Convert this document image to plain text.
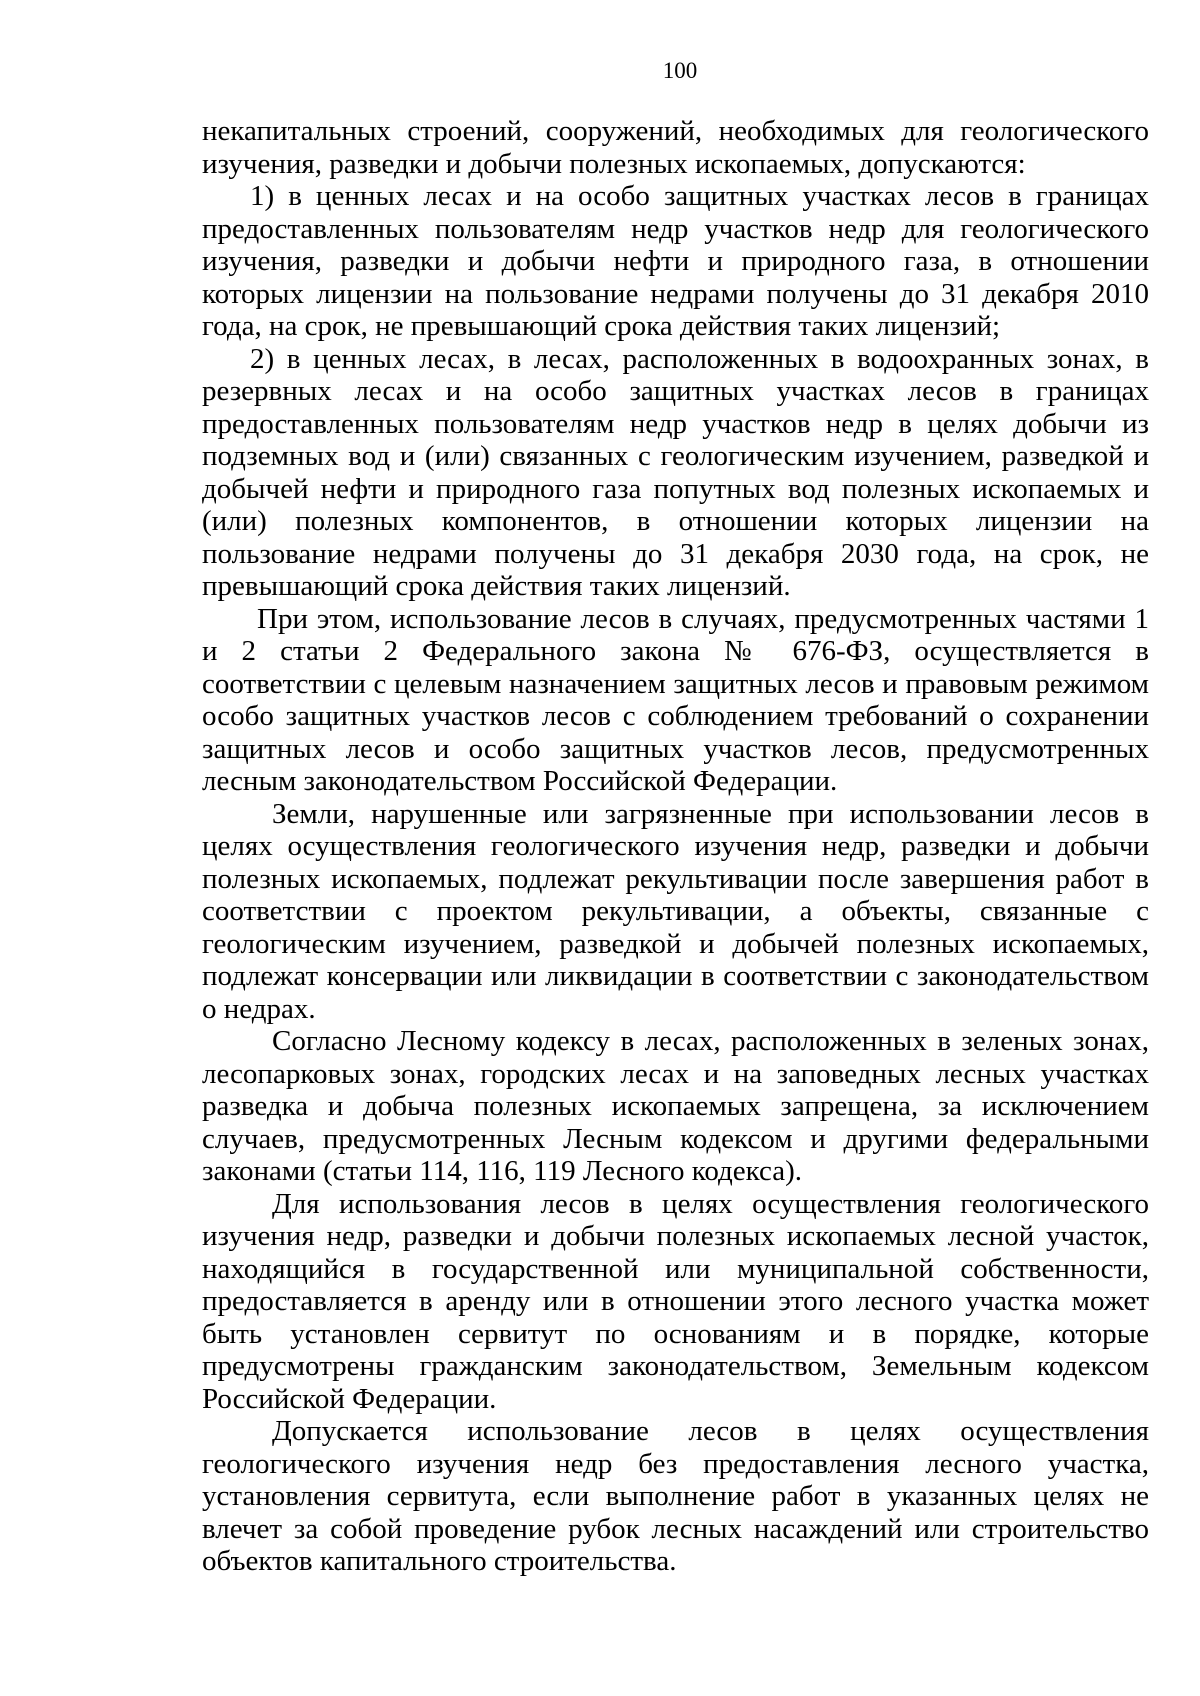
100

некапитальных строений, сооружений, необходимых для геологического изучения, разведки и добычи полезных ископаемых, допускаются:

1) в ценных лесах и на особо защитных участках лесов в границах предоставленных пользователям недр участков недр для геологического изучения, разведки и добычи нефти и природного газа, в отношении которых лицензии на пользование недрами получены до 31 декабря 2010 года, на срок, не превышающий срока действия таких лицензий;

2) в ценных лесах, в лесах, расположенных в водоохранных зонах, в резервных лесах и на особо защитных участках лесов в границах предоставленных пользователям недр участков недр в целях добычи из подземных вод и (или) связанных с геологическим изучением, разведкой и добычей нефти и природного газа попутных вод полезных ископаемых и (или) полезных компонентов, в отношении которых лицензии на пользование недрами получены до 31 декабря 2030 года, на срок, не превышающий срока действия таких лицензий.

При этом, использование лесов в случаях, предусмотренных частями 1 и 2 статьи 2 Федерального закона № 676-ФЗ, осуществляется в соответствии с целевым назначением защитных лесов и правовым режимом особо защитных участков лесов с соблюдением требований о сохранении защитных лесов и особо защитных участков лесов, предусмотренных лесным законодательством Российской Федерации.

Земли, нарушенные или загрязненные при использовании лесов в целях осуществления геологического изучения недр, разведки и добычи полезных ископаемых, подлежат рекультивации после завершения работ в соответствии с проектом рекультивации, а объекты, связанные с геологическим изучением, разведкой и добычей полезных ископаемых, подлежат консервации или ликвидации в соответствии с законодательством о недрах.

Согласно Лесному кодексу в лесах, расположенных в зеленых зонах, лесопарковых зонах, городских лесах и на заповедных лесных участках разведка и добыча полезных ископаемых запрещена, за исключением случаев, предусмотренных Лесным кодексом и другими федеральными законами (статьи 114, 116, 119 Лесного кодекса).

Для использования лесов в целях осуществления геологического изучения недр, разведки и добычи полезных ископаемых лесной участок, находящийся в государственной или муниципальной собственности, предоставляется в аренду или в отношении этого лесного участка может быть установлен сервитут по основаниям и в порядке, которые предусмотрены гражданским законодательством, Земельным кодексом Российской Федерации.

Допускается использование лесов в целях осуществления геологического изучения недр без предоставления лесного участка, установления сервитута, если выполнение работ в указанных целях не влечет за собой проведение рубок лесных насаждений или строительство объектов капитального строительства.
